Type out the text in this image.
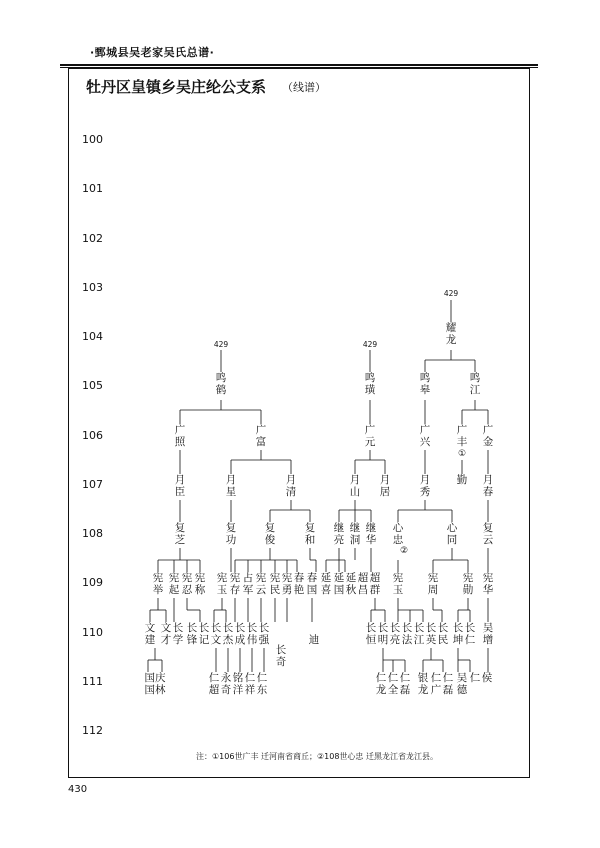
·鄄城县吴老家吴氏总谱·
牡丹区皇镇乡吴庄纶公支系 （线谱）
100
101
102
103
104
105
106
107
108
109
110
111
112
429	429
429
耀
龙
鸣
鹤
鸣
璜
鸣
皋
鸣
江
广
照
广
富
广
元
广
兴
广
丰
广
金
①
月
臣
月
星
月
清
月
山
月
居
月
秀
勤 月
春
复
芝
复
功
复
俊
复
和
继
亮
继
洞
继
华
心
忠
②
心
同
复
云
宪
举
宪
起
宪
忍
宪
称
宪
玉
宪
存
占
军
宪
云
宪
民
宪
勇
春
艳
春
国
延
喜
延
国
延
秋
超
昌
超
群
宪
玉
宪
周
宪
勋
宪
华
文
建
文
才
长
学
长
锋
长
记
长
文
长
杰
长
成
长
伟
长
强
长
奇
迪
长
恒
长
明
长
亮
长
法
长
江
长
英
长
民
长
坤
长
仁
吴
增
国庆
国林
仁
超
永
奇
铭
洋
仁
祥
仁
东
仁
龙
仁
全
仁
磊
银
龙
仁
广
仁
磊
吴
德
仁 侯
注：①106世广丰 迁河南省商丘；②108世心忠 迁黑龙江省龙江县。
430
